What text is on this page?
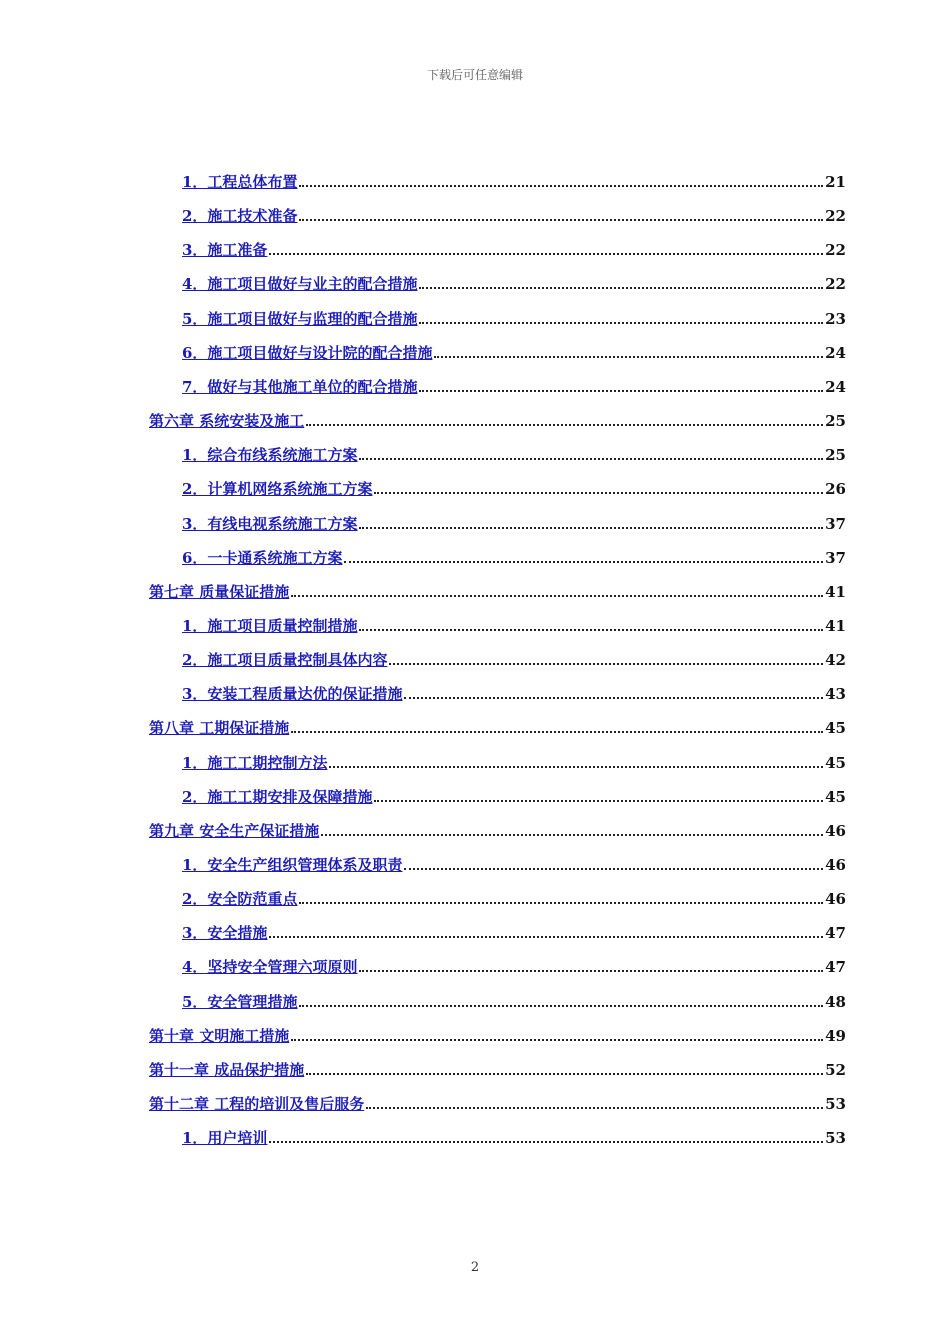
下载后可任意编辑
1．工程总体布置	21
2．施工技术准备	22
3．施工准备	22
4．施工项目做好与业主的配合措施	22
5．施工项目做好与监理的配合措施	23
6．施工项目做好与设计院的配合措施	24
7．做好与其他施工单位的配合措施	24
第六章 系统安装及施工	25
1．综合布线系统施工方案	25
2．计算机网络系统施工方案	26
3．有线电视系统施工方案	37
6．一卡通系统施工方案	37
第七章 质量保证措施	41
1．施工项目质量控制措施	41
2．施工项目质量控制具体内容	42
3．安装工程质量达优的保证措施	43
第八章 工期保证措施	45
1．施工工期控制方法	45
2．施工工期安排及保障措施	45
第九章 安全生产保证措施	46
1．安全生产组织管理体系及职责	46
2．安全防范重点	46
3．安全措施	47
4．坚持安全管理六项原则	47
5．安全管理措施	48
第十章 文明施工措施	49
第十一章 成品保护措施	52
第十二章 工程的培训及售后服务	53
1．用户培训	53
2
